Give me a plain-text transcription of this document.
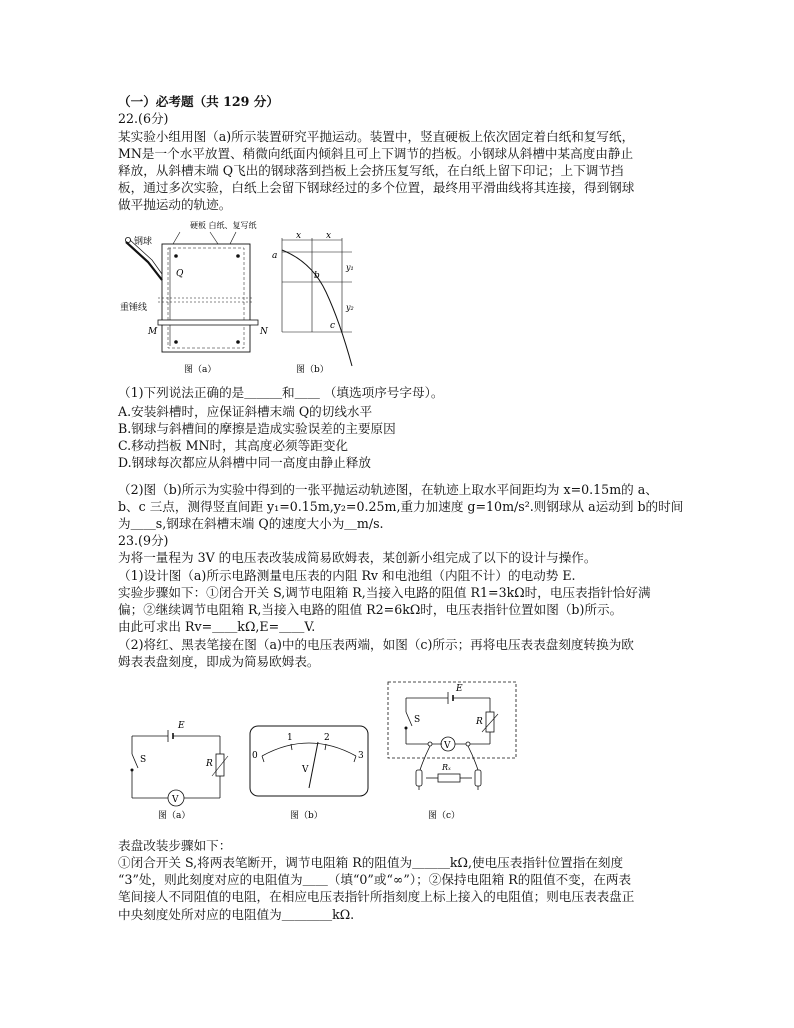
（一）必考题（共 129 分）
22.(6分)
某实验小组用图（a)所示装置研究平抛运动。装置中，竖直硬板上依次固定着白纸和复写纸，
MN是一个水平放置、稍微向纸面内倾斜且可上下调节的挡板。小钢球从斜槽中某高度由静止
释放，从斜槽末端 Q飞出的钢球落到挡板上会挤压复写纸，在白纸上留下印记；上下调节挡
板，通过多次实验，白纸上会留下钢球经过的多个位置，最终用平滑曲线将其连接，得到钢球
做平抛运动的轨迹。
硬板 白纸、复写纸
钢球
Q
重锤线
M	N
图（a）
x	x
a
b
c
y₁
y₂
图（b）
（1)下列说法正确的是＿＿＿和＿＿ （填选项序号字母）。
A.安装斜槽时，应保证斜槽末端 Q的切线水平
B.钢球与斜槽间的摩擦是造成实验误差的主要原因
C.移动挡板 MN时，其高度必须等距变化
D.钢球每次都应从斜槽中同一高度由静止释放
（2)图（b)所示为实验中得到的一张平抛运动轨迹图，在轨迹上取水平间距均为 x=0.15m的 a、
b、c 三点，测得竖直间距 y₁=0.15m,y₂=0.25m,重力加速度 g=10m/s².则钢球从 a运动到 b的时间
为＿＿s,钢球在斜槽末端 Q的速度大小为＿m/s.
23.(9分)
为将一量程为 3V 的电压表改装成简易欧姆表，某创新小组完成了以下的设计与操作。
（1)设计图（a)所示电路测量电压表的内阻 Rv 和电池组（内阻不计）的电动势 E.
实验步骤如下：①闭合开关 S,调节电阻箱 R,当接入电路的阻值 R1=3kΩ时，电压表指针恰好满
偏；②继续调节电阻箱 R,当接入电路的阻值 R2=6kΩ时，电压表指针位置如图（b)所示。
由此可求出 Rv=＿＿kΩ,E=＿＿V.
（2)将红、黑表笔接在图（a)中的电压表两端，如图（c)所示；再将电压表表盘刻度转换为欧
姆表表盘刻度，即成为简易欧姆表。
E
R
S
V
图（a）
0
1	2
3
V
图（b）
E
R
S
V
Rₓ
图（c）
表盘改装步骤如下：
①闭合开关 S,将两表笔断开，调节电阻箱 R的阻值为＿＿＿kΩ,使电压表指针位置指在刻度
“3”处，则此刻度对应的电阻值为＿＿（填“0”或“∞”）；②保持电阻箱 R的阻值不变，在两表
笔间接人不同阻值的电阻，在相应电压表指针所指刻度上标上接入的电阻值；则电压表表盘正
中央刻度处所对应的电阻值为＿＿＿＿kΩ.
